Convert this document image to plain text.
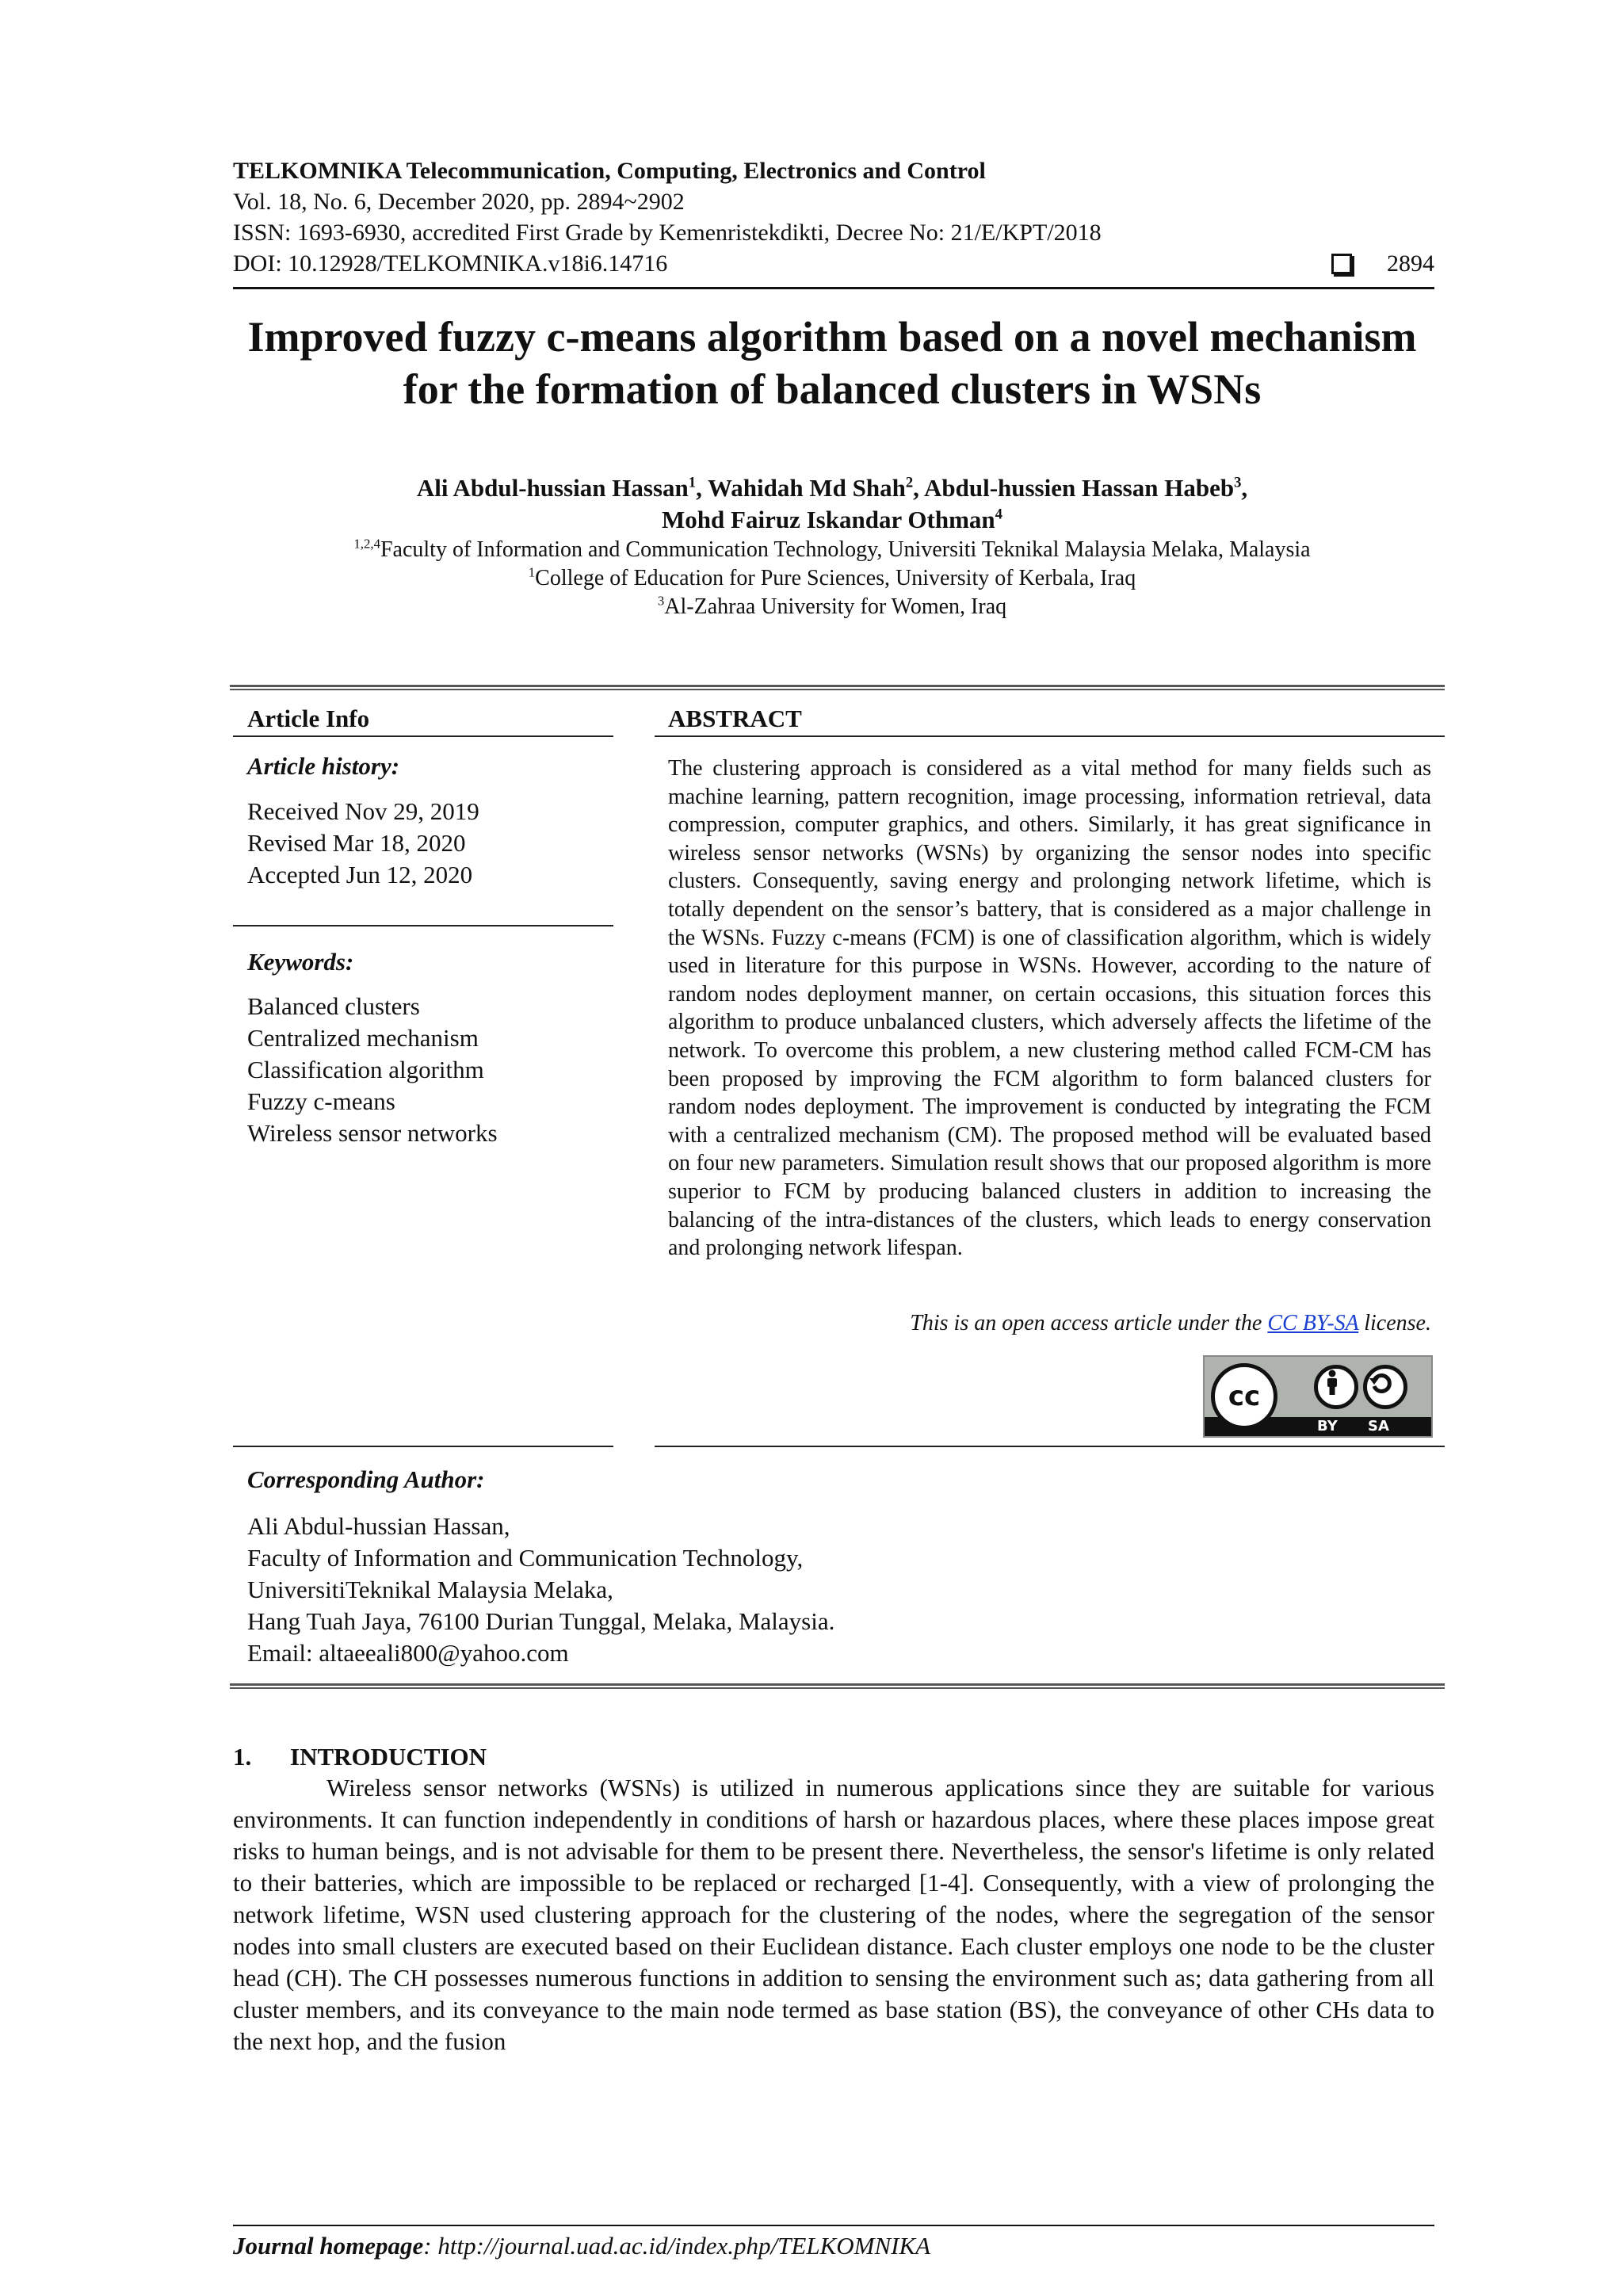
TELKOMNIKA Telecommunication, Computing, Electronics and Control
Vol. 18, No. 6, December 2020, pp. 2894~2902
ISSN: 1693-6930, accredited First Grade by Kemenristekdikti, Decree No: 21/E/KPT/2018
DOI: 10.12928/TELKOMNIKA.v18i6.14716	2894
Improved fuzzy c-means algorithm based on a novel mechanism
for the formation of balanced clusters in WSNs
Ali Abdul-hussian Hassan$^1$, Wahidah Md Shah$^2$, Abdul-hussien Hassan Habeb$^3$,
Mohd Fairuz Iskandar Othman$^4$
$^{1,2,4}$Faculty of Information and Communication Technology, Universiti Teknikal Malaysia Melaka, Malaysia
$^1$College of Education for Pure Sciences, University of Kerbala, Iraq
$^3$Al-Zahraa University for Women, Iraq
Article Info
Article history:
Received Nov 29, 2019
Revised Mar 18, 2020
Accepted Jun 12, 2020
Keywords:
Balanced clusters
Centralized mechanism
Classification algorithm
Fuzzy c-means
Wireless sensor networks
ABSTRACT
The clustering approach is considered as a vital method for many fields such as machine learning, pattern recognition, image processing, information retrieval, data compression, computer graphics, and others. Similarly, it has great significance in wireless sensor networks (WSNs) by organizing the sensor nodes into specific clusters. Consequently, saving energy and prolonging network lifetime, which is totally dependent on the sensor’s battery, that is considered as a major challenge in the WSNs. Fuzzy c-means (FCM) is one of classification algorithm, which is widely used in literature for this purpose in WSNs. However, according to the nature of random nodes deployment manner, on certain occasions, this situation forces this algorithm to produce unbalanced clusters, which adversely affects the lifetime of the network. To overcome this problem, a new clustering method called FCM-CM has been proposed by improving the FCM algorithm to form balanced clusters for random nodes deployment. The improvement is conducted by integrating the FCM with a centralized mechanism (CM). The proposed method will be evaluated based on four new parameters. Simulation result shows that our proposed algorithm is more superior to FCM by producing balanced clusters in addition to increasing the balancing of the intra-distances of the clusters, which leads to energy conservation and prolonging network lifespan.
This is an open access article under the CC BY-SA license.
cc
BY SA
Corresponding Author:
Ali Abdul-hussian Hassan,
Faculty of Information and Communication Technology,
UniversitiTeknikal Malaysia Melaka,
Hang Tuah Jaya, 76100 Durian Tunggal, Melaka, Malaysia.
Email: altaeeali800@yahoo.com
1. INTRODUCTION
Wireless sensor networks (WSNs) is utilized in numerous applications since they are suitable for various environments. It can function independently in conditions of harsh or hazardous places, where these places impose great risks to human beings, and is not advisable for them to be present there. Nevertheless, the sensor's lifetime is only related to their batteries, which are impossible to be replaced or recharged [1-4]. Consequently, with a view of prolonging the network lifetime, WSN used clustering approach for the clustering of the nodes, where the segregation of the sensor nodes into small clusters are executed based on their Euclidean distance. Each cluster employs one node to be the cluster head (CH). The CH possesses numerous functions in addition to sensing the environment such as; data gathering from all cluster members, and its conveyance to the main node termed as base station (BS), the conveyance of other CHs data to the next hop, and the fusion
Journal homepage: http://journal.uad.ac.id/index.php/TELKOMNIKA
